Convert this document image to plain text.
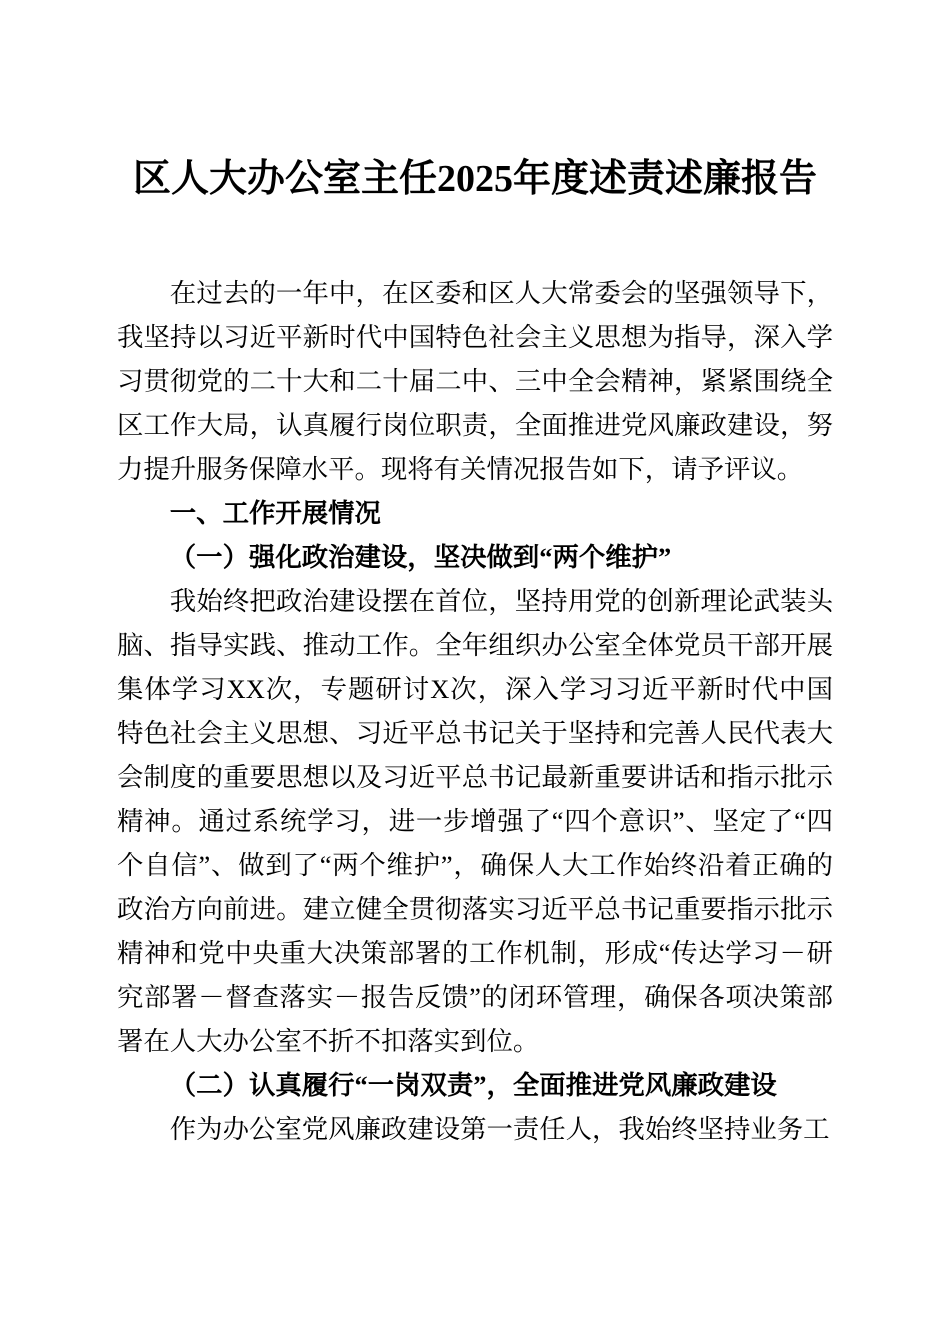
区人大办公室主任2025年度述责述廉报告

在过去的一年中，在区委和区人大常委会的坚强领导下，我坚持以习近平新时代中国特色社会主义思想为指导，深入学习贯彻党的二十大和二十届二中、三中全会精神，紧紧围绕全区工作大局，认真履行岗位职责，全面推进党风廉政建设，努力提升服务保障水平。现将有关情况报告如下，请予评议。

一、工作开展情况
（一）强化政治建设，坚决做到“两个维护”

我始终把政治建设摆在首位，坚持用党的创新理论武装头脑、指导实践、推动工作。全年组织办公室全体党员干部开展集体学习XX次，专题研讨X次，深入学习习近平新时代中国特色社会主义思想、习近平总书记关于坚持和完善人民代表大会制度的重要思想以及习近平总书记最新重要讲话和指示批示精神。通过系统学习，进一步增强了“四个意识”、坚定了“四个自信”、做到了“两个维护”，确保人大工作始终沿着正确的政治方向前进。建立健全贯彻落实习近平总书记重要指示批示精神和党中央重大决策部署的工作机制，形成“传达学习－研究部署－督查落实－报告反馈”的闭环管理，确保各项决策部署在人大办公室不折不扣落实到位。

（二）认真履行“一岗双责”，全面推进党风廉政建设

作为办公室党风廉政建设第一责任人，我始终坚持业务工
